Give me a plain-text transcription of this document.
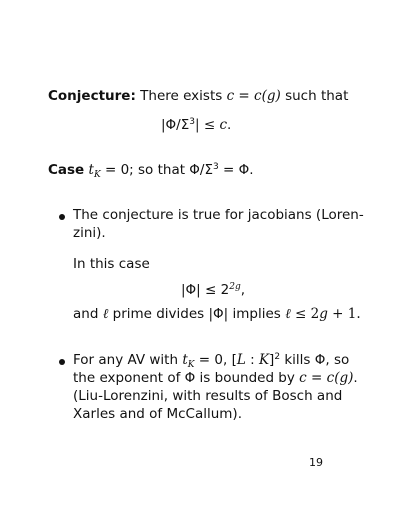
Conjecture: There exists c = c(g) such that
$|\Phi/\Sigma^3| \le c$.
Case $t_K = 0$; so that $\Phi/\Sigma^3 = \Phi$.
The conjecture is true for jacobians (Loren-
zini).
In this case
$|\Phi| \le 2^{2g}$,
and ℓ prime divides |Φ| implies ℓ ≤ 2g + 1.
For any AV with $t_K = 0$, [L : K]$^2$ kills Φ, so
the exponent of Φ is bounded by c = c(g).
(Liu-Lorenzini, with results of Bosch and
Xarles and of McCallum).
19
